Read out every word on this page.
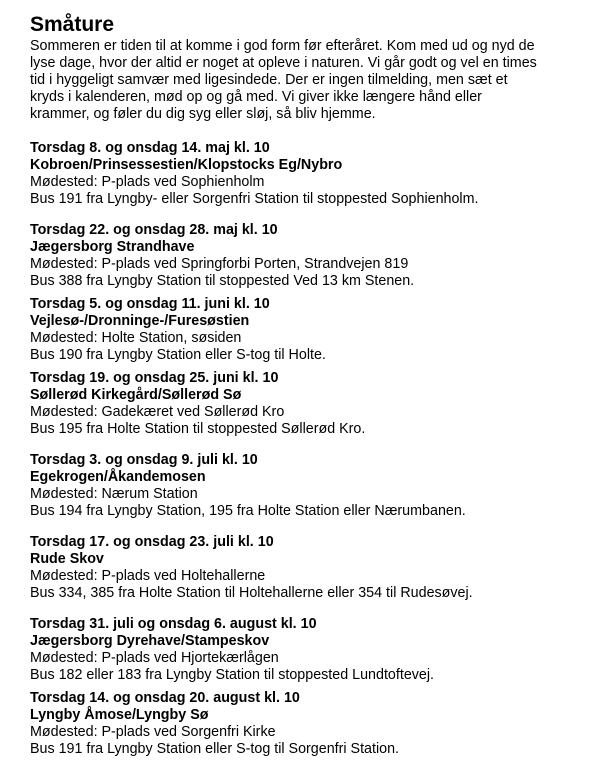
Småture

Sommeren er tiden til at komme i god form før efteråret. Kom med ud og nyd de

lyse dage, hvor der altid er noget at opleve i naturen. Vi går godt og vel en times

tid i hyggeligt samvær med ligesindede. Der er ingen tilmelding, men sæt et

kryds i kalenderen, mød op og gå med. Vi giver ikke længere hånd eller

krammer, og føler du dig syg eller sløj, så bliv hjemme.

Torsdag 8. og onsdag 14. maj kl. 10
Kobroen/Prinsessestien/Klopstocks Eg/Nybro
Mødested: P-plads ved Sophienholm
Bus 191 fra Lyngby- eller Sorgenfri Station til stoppested Sophienholm.
Torsdag 22. og onsdag 28. maj kl. 10
Jægersborg Strandhave
Mødested: P-plads ved Springforbi Porten, Strandvejen 819
Bus 388 fra Lyngby Station til stoppested Ved 13 km Stenen.
Torsdag 5. og onsdag 11. juni kl. 10
Vejlesø-/Dronninge-/Furesøstien
Mødested: Holte Station, søsiden
Bus 190 fra Lyngby Station eller S-tog til Holte.
Torsdag 19. og onsdag 25. juni kl. 10
Søllerød Kirkegård/Søllerød Sø
Mødested: Gadekæret ved Søllerød Kro
Bus 195 fra Holte Station til stoppested Søllerød Kro.
Torsdag 3. og onsdag 9. juli kl. 10
Egekrogen/Åkandemosen
Mødested: Nærum Station
Bus 194 fra Lyngby Station, 195 fra Holte Station eller Nærumbanen.
Torsdag 17. og onsdag 23. juli kl. 10
Rude Skov
Mødested: P-plads ved Holtehallerne
Bus 334, 385 fra Holte Station til Holtehallerne eller 354 til Rudesøvej.
Torsdag 31. juli og onsdag 6. august kl. 10
Jægersborg Dyrehave/Stampeskov
Mødested: P-plads ved Hjortekærlågen
Bus 182 eller 183 fra Lyngby Station til stoppested Lundtoftevej.
Torsdag 14. og onsdag 20. august kl. 10
Lyngby Åmose/Lyngby Sø
Mødested: P-plads ved Sorgenfri Kirke
Bus 191 fra Lyngby Station eller S-tog til Sorgenfri Station.
